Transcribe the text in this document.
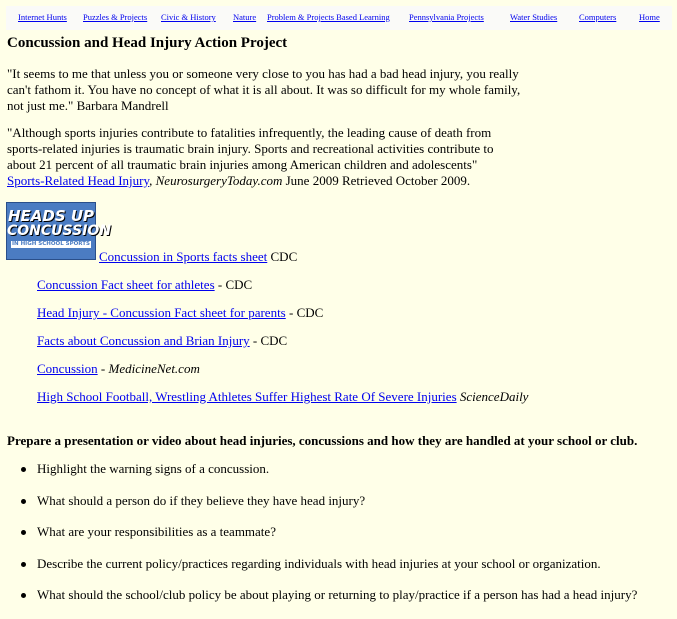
Internet Hunts Puzzles & Projects Civic & History Nature Problem & Projects Based Learning Pennsylvania Projects	Water Studies	Computers	Home
Concussion and Head Injury Action Project

"It seems to me that unless you or someone very close to you has had a bad head injury, you really can't fathom it. You have no concept of what it is all about. It was so difficult for my whole family, not just me." Barbara Mandrell

"Although sports injuries contribute to fatalities infrequently, the leading cause of death from sports-related injuries is traumatic brain injury. Sports and recreational activities contribute to about 21 percent of all traumatic brain injuries among American children and adolescents"
Sports-Related Head Injury, NeurosurgeryToday.com June 2009 Retrieved October 2009.

HEADS UP
CONCUSSION
IN HIGH SCHOOL SPORTS
Concussion in Sports facts sheet CDC
Concussion Fact sheet for athletes - CDC
Head Injury - Concussion Fact sheet for parents - CDC
Facts about Concussion and Brian Injury - CDC
Concussion - MedicineNet.com
High School Football, Wrestling Athletes Suffer Highest Rate Of Severe Injuries ScienceDaily

Prepare a presentation or video about head injuries, concussions and how they are handled at your school or club.

Highlight the warning signs of a concussion.
What should a person do if they believe they have head injury?
What are your responsibilities as a teammate?
Describe the current policy/practices regarding individuals with head injuries at your school or organization.
What should the school/club policy be about playing or returning to play/practice if a person has had a head injury?
